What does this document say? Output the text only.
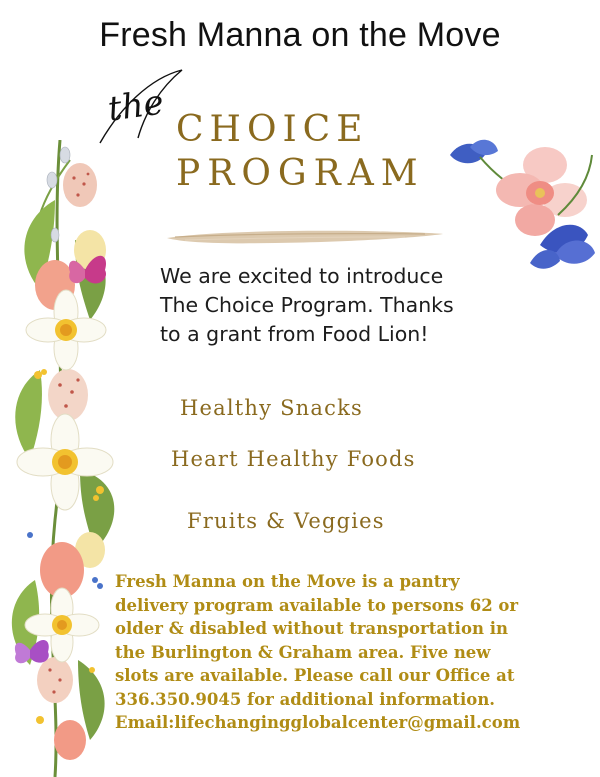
Fresh Manna on the Move
the CHOICE
PROGRAM
We are excited to introduce
The Choice Program. Thanks
to a grant from Food Lion!
Healthy Snacks
Heart Healthy Foods
Fruits & Veggies
Fresh Manna on the Move is a pantry
delivery program available to persons 62 or
older & disabled without transportation in
the Burlington & Graham area. Five new
slots are available. Please call our Office at
336.350.9045 for additional information.
Email:lifechangingglobalcenter@gmail.com
